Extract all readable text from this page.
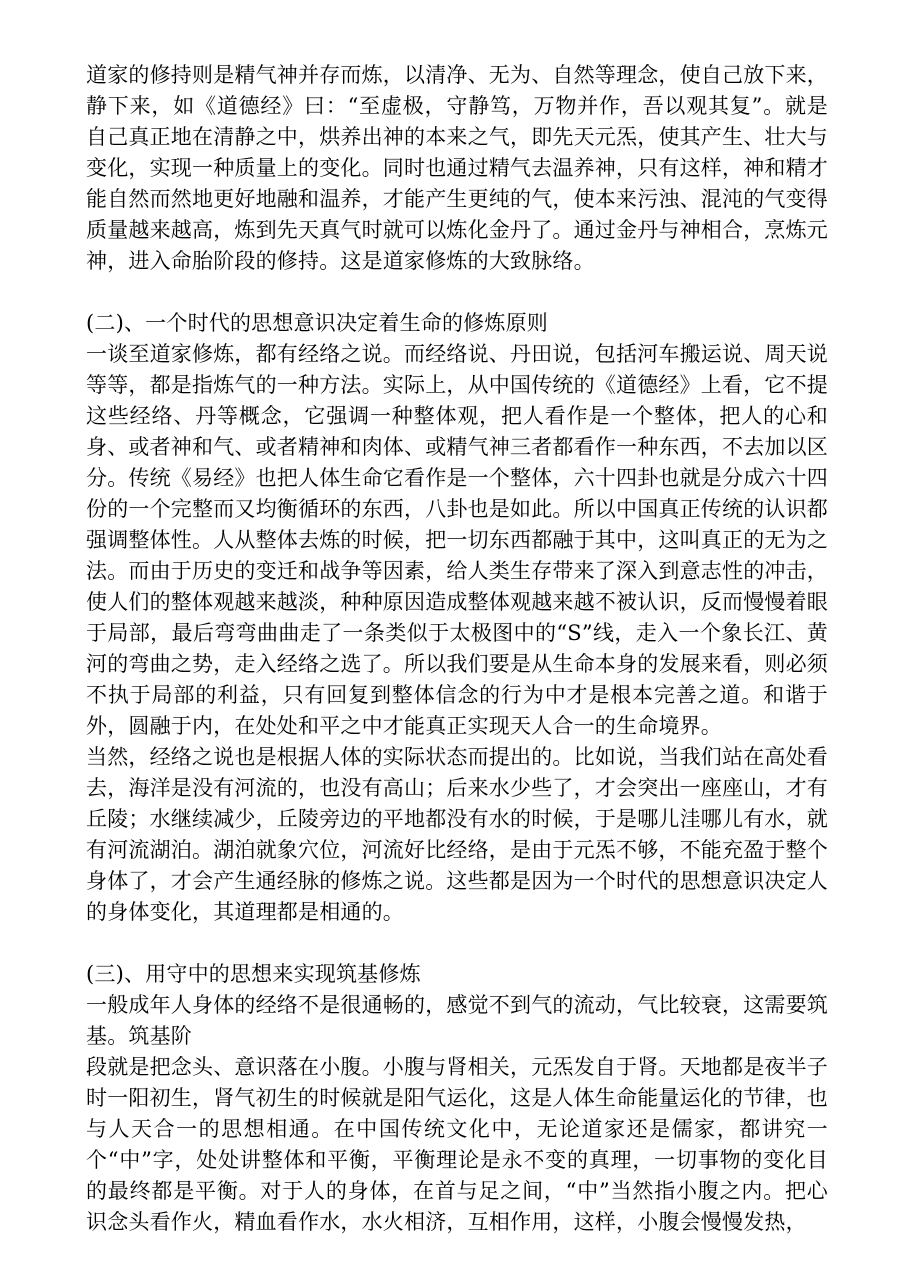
道家的修持则是精气神并存而炼，以清净、无为、自然等理念，使自己放下来，静下来，如《道德经》曰：“至虚极，守静笃，万物并作，吾以观其复”。就是自己真正地在清静之中，烘养出神的本来之气，即先天元炁，使其产生、壮大与变化，实现一种质量上的变化。同时也通过精气去温养神，只有这样，神和精才能自然而然地更好地融和温养，才能产生更纯的气，使本来污浊、混沌的气变得质量越来越高，炼到先天真气时就可以炼化金丹了。通过金丹与神相合，烹炼元神，进入命胎阶段的修持。这是道家修炼的大致脉络。

(二)、一个时代的思想意识决定着生命的修炼原则

一谈至道家修炼，都有经络之说。而经络说、丹田说，包括河车搬运说、周天说等等，都是指炼气的一种方法。实际上，从中国传统的《道德经》上看，它不提这些经络、丹等概念，它强调一种整体观，把人看作是一个整体，把人的心和身、或者神和气、或者精神和肉体、或精气神三者都看作一种东西，不去加以区分。传统《易经》也把人体生命它看作是一个整体，六十四卦也就是分成六十四份的一个完整而又均衡循环的东西，八卦也是如此。所以中国真正传统的认识都强调整体性。人从整体去炼的时候，把一切东西都融于其中，这叫真正的无为之法。而由于历史的变迁和战争等因素，给人类生存带来了深入到意志性的冲击，使人们的整体观越来越淡，种种原因造成整体观越来越不被认识，反而慢慢着眼于局部，最后弯弯曲曲走了一条类似于太极图中的“S”线，走入一个象长江、黄河的弯曲之势，走入经络之选了。所以我们要是从生命本身的发展来看，则必须不执于局部的利益，只有回复到整体信念的行为中才是根本完善之道。和谐于外，圆融于内，在处处和平之中才能真正实现天人合一的生命境界。

当然，经络之说也是根据人体的实际状态而提出的。比如说，当我们站在高处看去，海洋是没有河流的，也没有高山；后来水少些了，才会突出一座座山，才有丘陵；水继续减少，丘陵旁边的平地都没有水的时候，于是哪儿洼哪儿有水，就有河流湖泊。湖泊就象穴位，河流好比经络，是由于元炁不够，不能充盈于整个身体了，才会产生通经脉的修炼之说。这些都是因为一个时代的思想意识决定人的身体变化，其道理都是相通的。

(三)、用守中的思想来实现筑基修炼

一般成年人身体的经络不是很通畅的，感觉不到气的流动，气比较衰，这需要筑基。筑基阶

段就是把念头、意识落在小腹。小腹与肾相关，元炁发自于肾。天地都是夜半子时一阳初生，肾气初生的时候就是阳气运化，这是人体生命能量运化的节律，也与人天合一的思想相通。在中国传统文化中，无论道家还是儒家，都讲究一个“中”字，处处讲整体和平衡，平衡理论是永不变的真理，一切事物的变化目的最终都是平衡。对于人的身体，在首与足之间，“中”当然指小腹之内。把心识念头看作火，精血看作水，水火相济，互相作用，这样，小腹会慢慢发热，
